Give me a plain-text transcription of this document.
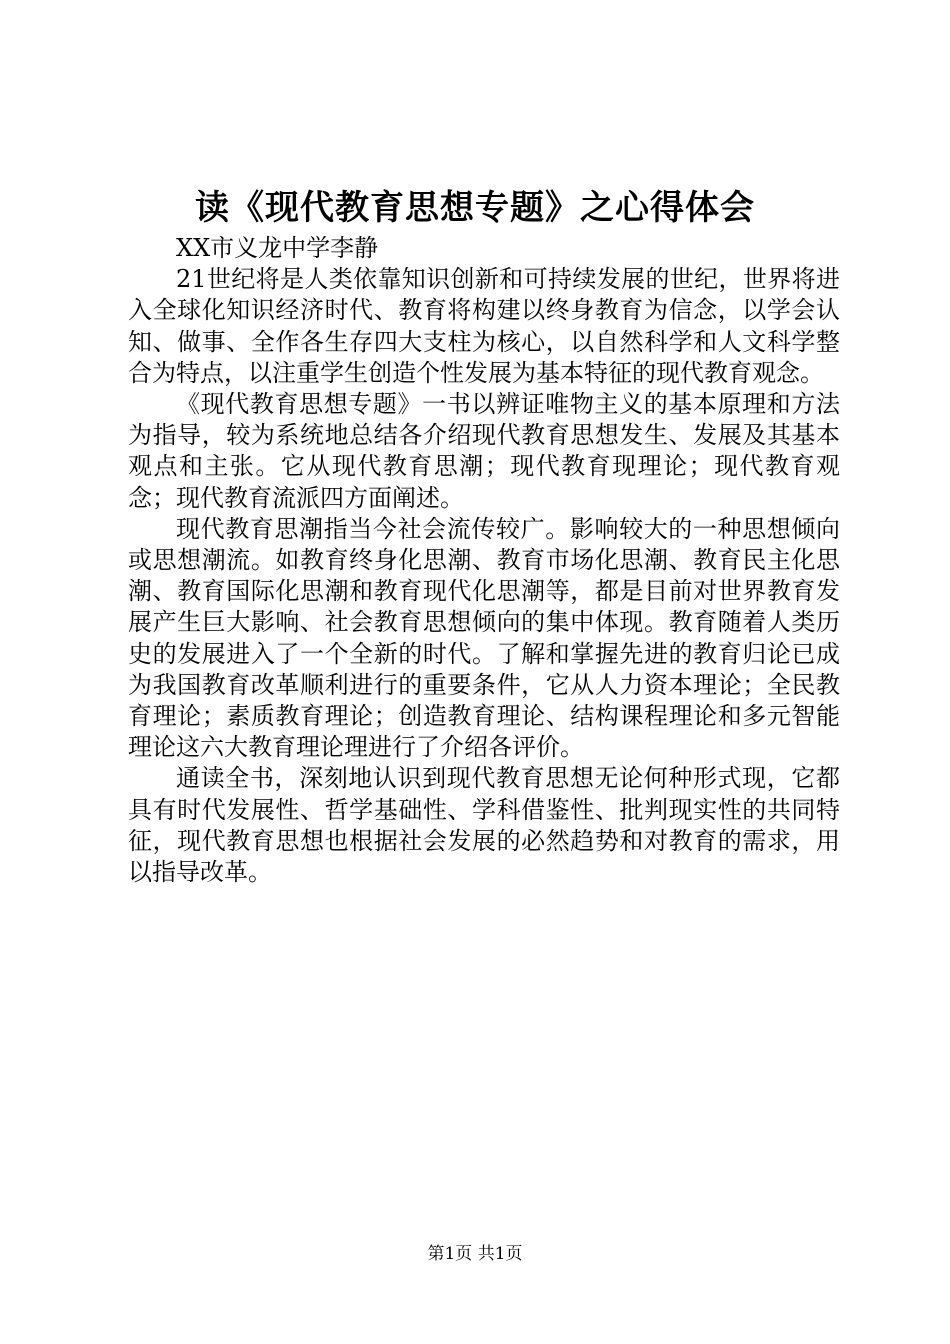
读《现代教育思想专题》之心得体会

XX市义龙中学李静

21世纪将是人类依靠知识创新和可持续发展的世纪，世界将进入全球化知识经济时代、教育将构建以终身教育为信念，以学会认知、做事、全作各生存四大支柱为核心，以自然科学和人文科学整合为特点，以注重学生创造个性发展为基本特征的现代教育观念。

《现代教育思想专题》一书以辨证唯物主义的基本原理和方法为指导，较为系统地总结各介绍现代教育思想发生、发展及其基本观点和主张。它从现代教育思潮；现代教育现理论；现代教育观念；现代教育流派四方面阐述。

现代教育思潮指当今社会流传较广。影响较大的一种思想倾向或思想潮流。如教育终身化思潮、教育市场化思潮、教育民主化思潮、教育国际化思潮和教育现代化思潮等，都是目前对世界教育发展产生巨大影响、社会教育思想倾向的集中体现。教育随着人类历史的发展进入了一个全新的时代。了解和掌握先进的教育归论已成为我国教育改革顺利进行的重要条件，它从人力资本理论；全民教育理论；素质教育理论；创造教育理论、结构课程理论和多元智能理论这六大教育理论理进行了介绍各评价。

通读全书，深刻地认识到现代教育思想无论何种形式现，它都具有时代发展性、哲学基础性、学科借鉴性、批判现实性的共同特征，现代教育思想也根据社会发展的必然趋势和对教育的需求，用以指导改革。

第1页 共1页
